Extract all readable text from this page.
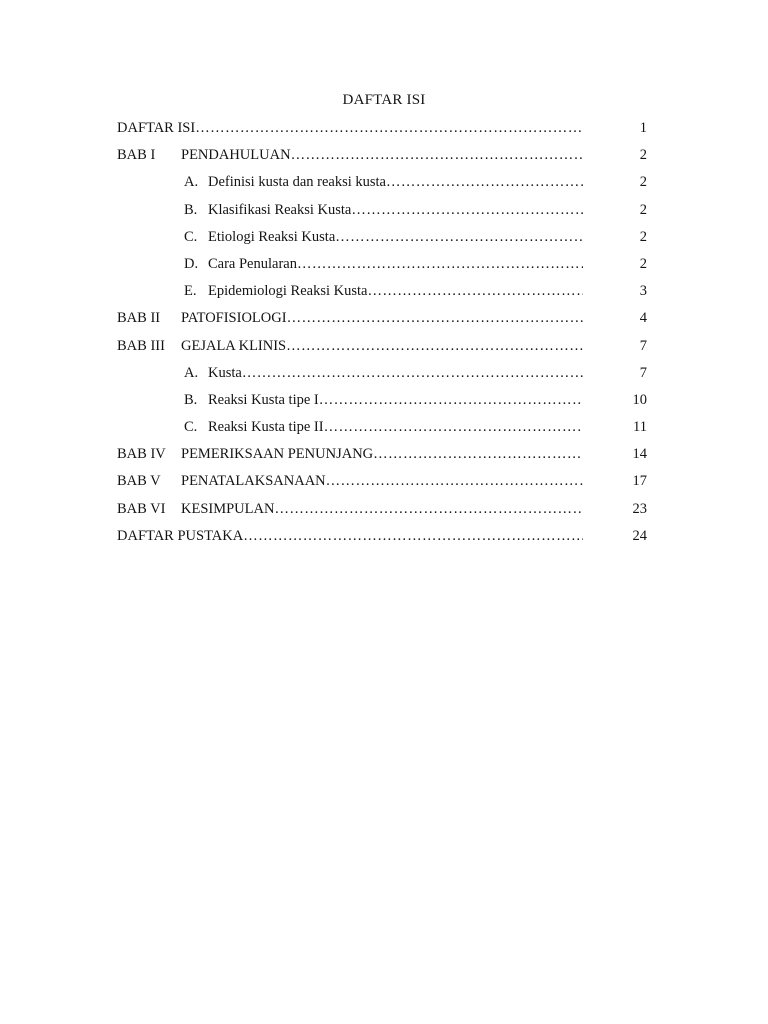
DAFTAR ISI
DAFTAR ISI ……………………………………………………………………………………………………………………………………	1
BAB I PENDAHULUAN ……………………………………………………………………………………………………………………………………	2
A. Definisi kusta dan reaksi kusta ……………………………………………………………………………………………………………………………………	2
B. Klasifikasi Reaksi Kusta ……………………………………………………………………………………………………………………………………	2
C. Etiologi Reaksi Kusta ……………………………………………………………………………………………………………………………………	2
D. Cara Penularan ……………………………………………………………………………………………………………………………………	2
E. Epidemiologi Reaksi Kusta ……………………………………………………………………………………………………………………………………	3
BAB II PATOFISIOLOGI ……………………………………………………………………………………………………………………………………	4
BAB III GEJALA KLINIS ……………………………………………………………………………………………………………………………………	7
A. Kusta ……………………………………………………………………………………………………………………………………	7
B. Reaksi Kusta tipe I ……………………………………………………………………………………………………………………………………	10
C. Reaksi Kusta tipe II ……………………………………………………………………………………………………………………………………	11
BAB IV PEMERIKSAAN PENUNJANG ……………………………………………………………………………………………………………………………………	14
BAB V PENATALAKSANAAN ……………………………………………………………………………………………………………………………………	17
BAB VI KESIMPULAN ……………………………………………………………………………………………………………………………………	23
DAFTAR PUSTAKA ……………………………………………………………………………………………………………………………………	24
